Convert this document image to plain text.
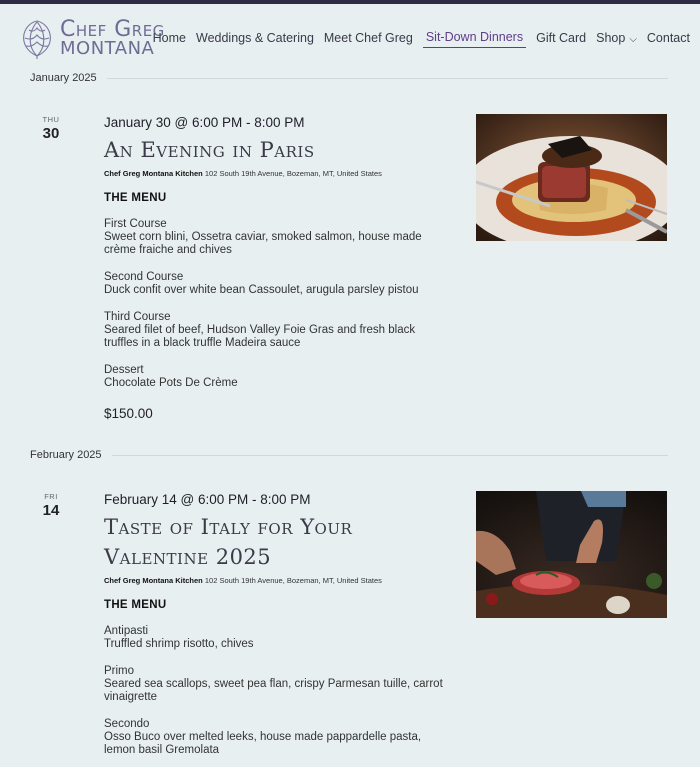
Chef Greg
MONTANA
Home Weddings & Catering Meet Chef Greg Sit-Down Dinners Gift Card Shop ⌵ Contact
January 2025
THU
30
January 30 @ 6:00 PM - 8:00 PM
An Evening in Paris
Chef Greg Montana Kitchen 102 South 19th Avenue, Bozeman, MT, United States
THE MENU
First Course
Sweet corn blini, Ossetra caviar, smoked salmon, house made crème fraiche and chives
Second Course
Duck confit over white bean Cassoulet, arugula parsley pistou
Third Course
Seared filet of beef, Hudson Valley Foie Gras and fresh black truffles in a black truffle Madeira sauce
Dessert
Chocolate Pots De Crème
$150.00
February 2025
FRI
14
February 14 @ 6:00 PM - 8:00 PM
Taste of Italy for Your Valentine 2025
Chef Greg Montana Kitchen 102 South 19th Avenue, Bozeman, MT, United States
THE MENU
Antipasti
Truffled shrimp risotto, chives
Primo
Seared sea scallops, sweet pea flan, crispy Parmesan tuille, carrot vinaigrette
Secondo
Osso Buco over melted leeks, house made pappardelle pasta, lemon basil Gremolata
